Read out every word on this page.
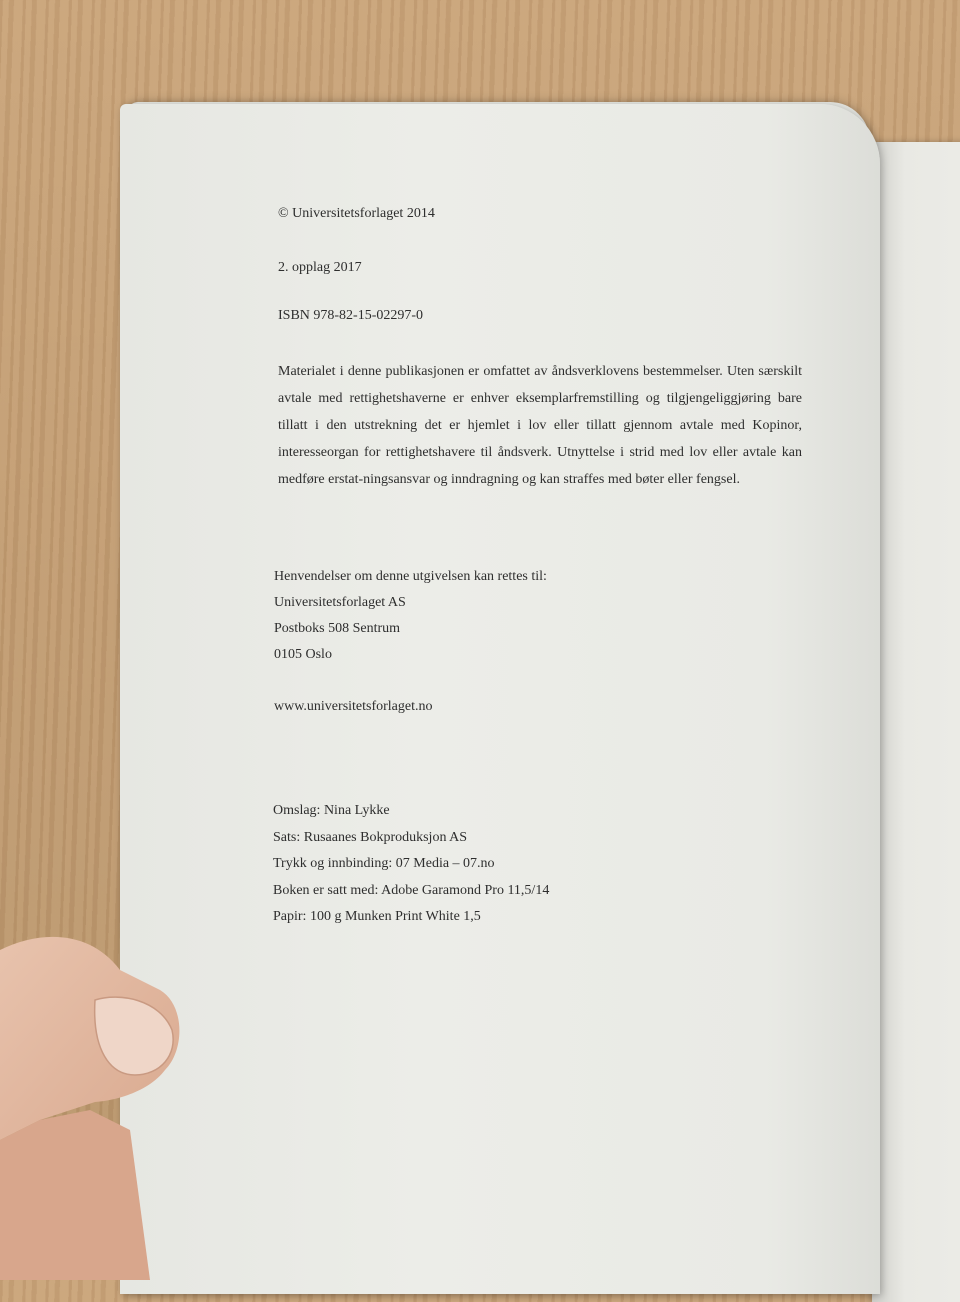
© Universitetsforlaget 2014
2. opplag 2017
ISBN 978-82-15-02297-0
Materialet i denne publikasjonen er omfattet av åndsverklovens bestemmelser. Uten særskilt avtale med rettighetshaverne er enhver eksemplarfremstilling og tilgjengeliggjøring bare tillatt i den utstrekning det er hjemlet i lov eller tillatt gjennom avtale med Kopinor, interesseorgan for rettighetshavere til åndsverk. Utnyttelse i strid med lov eller avtale kan medføre erstat-ningsansvar og inndragning og kan straffes med bøter eller fengsel.
Henvendelser om denne utgivelsen kan rettes til:
Universitetsforlaget AS
Postboks 508 Sentrum
0105 Oslo
www.universitetsforlaget.no
Omslag: Nina Lykke
Sats: Rusaanes Bokproduksjon AS
Trykk og innbinding: 07 Media – 07.no
Boken er satt med: Adobe Garamond Pro 11,5/14
Papir: 100 g Munken Print White 1,5
